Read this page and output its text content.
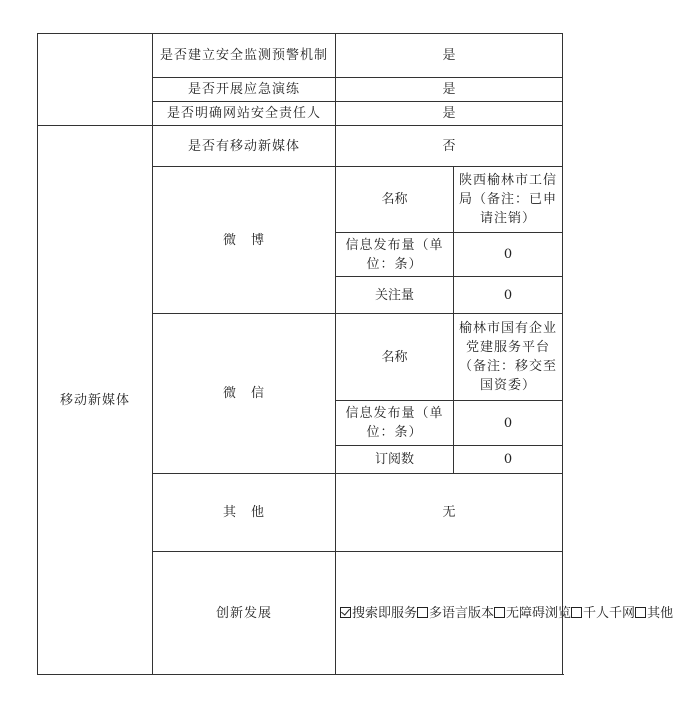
	是否建立安全监测预警机制	是	
	是否开展应急演练	是	
	是否明确网站安全责任人	是	
移动新媒体	是否有移动新媒体	否	
	微　博	名称	陕西榆林市工信局（备注：已申请注销）
		信息发布量（单位：条）	0
		关注量	0
	微　信	名称	榆林市国有企业党建服务平台（备注：移交至国资委）
		信息发布量（单位：条）	0
		订阅数	0
	其　他	无	
	创新发展	搜索即服务 多语言版本 无障碍浏览 千人千网 其他	
